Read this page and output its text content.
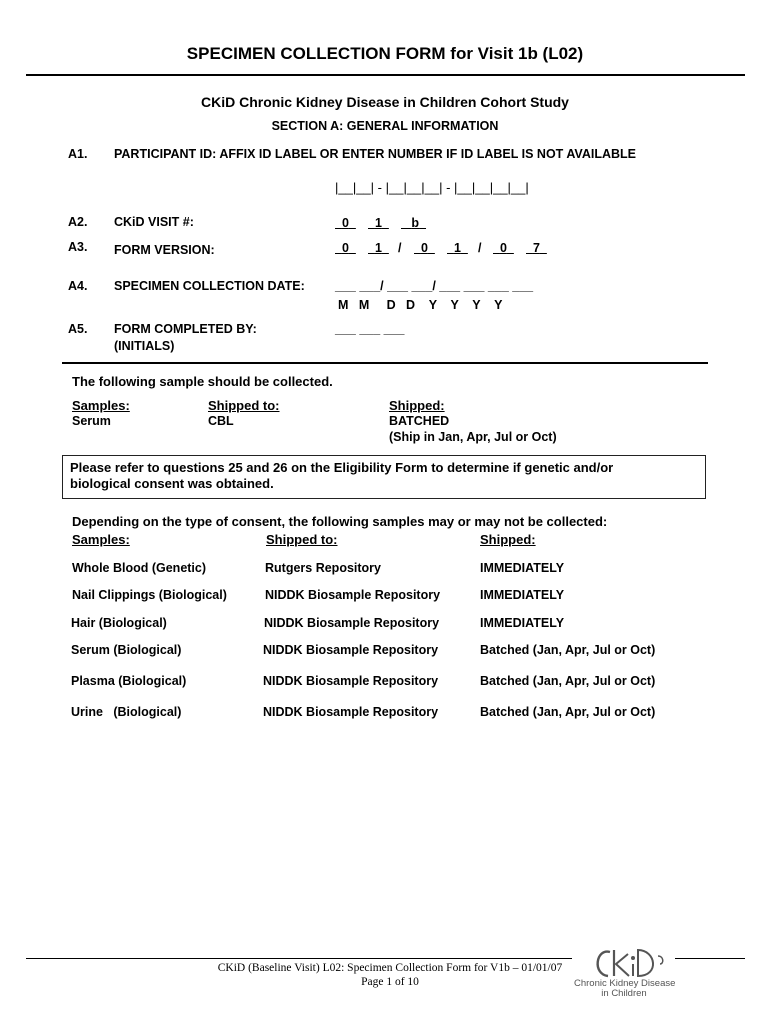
SPECIMEN COLLECTION FORM for Visit 1b (L02)
CKiD Chronic Kidney Disease in Children Cohort Study
SECTION A: GENERAL INFORMATION
A1. PARTICIPANT ID: AFFIX ID LABEL OR ENTER NUMBER IF ID LABEL IS NOT AVAILABLE
|__|__| - |__|__|__| - |__|__|__|__|
A2. CKiD VISIT #:	0	1	b
A3. FORM VERSION:	0	1	/	0	1	/	0	7
A4. SPECIMEN COLLECTION DATE: ___ ___/ ___ ___/ ___ ___ ___ ___
M   M     D   D    Y    Y    Y    Y
A5. FORM COMPLETED BY:
(INITIALS)
___ ___ ___
The following sample should be collected.
Samples:	Shipped to:	Shipped:
Serum	CBL	BATCHED
(Ship in Jan, Apr, Jul or Oct)
Please refer to questions 25 and 26 on the Eligibility Form to determine if genetic and/or
biological consent was obtained.
Depending on the type of consent, the following samples may or may not be collected:
Samples:	Shipped to:	Shipped:
Whole Blood (Genetic)	Rutgers Repository	IMMEDIATELY
Nail Clippings (Biological)	NIDDK Biosample Repository	IMMEDIATELY
Hair (Biological)	NIDDK Biosample Repository	IMMEDIATELY
Serum (Biological)	NIDDK Biosample Repository	Batched (Jan, Apr, Jul or Oct)
Plasma (Biological)	NIDDK Biosample Repository	Batched (Jan, Apr, Jul or Oct)
Urine   (Biological)	NIDDK Biosample Repository	Batched (Jan, Apr, Jul or Oct)
CKiD (Baseline Visit) L02: Specimen Collection Form for V1b – 01/01/07
Page 1 of 10	Chronic Kidney Disease
in Children
